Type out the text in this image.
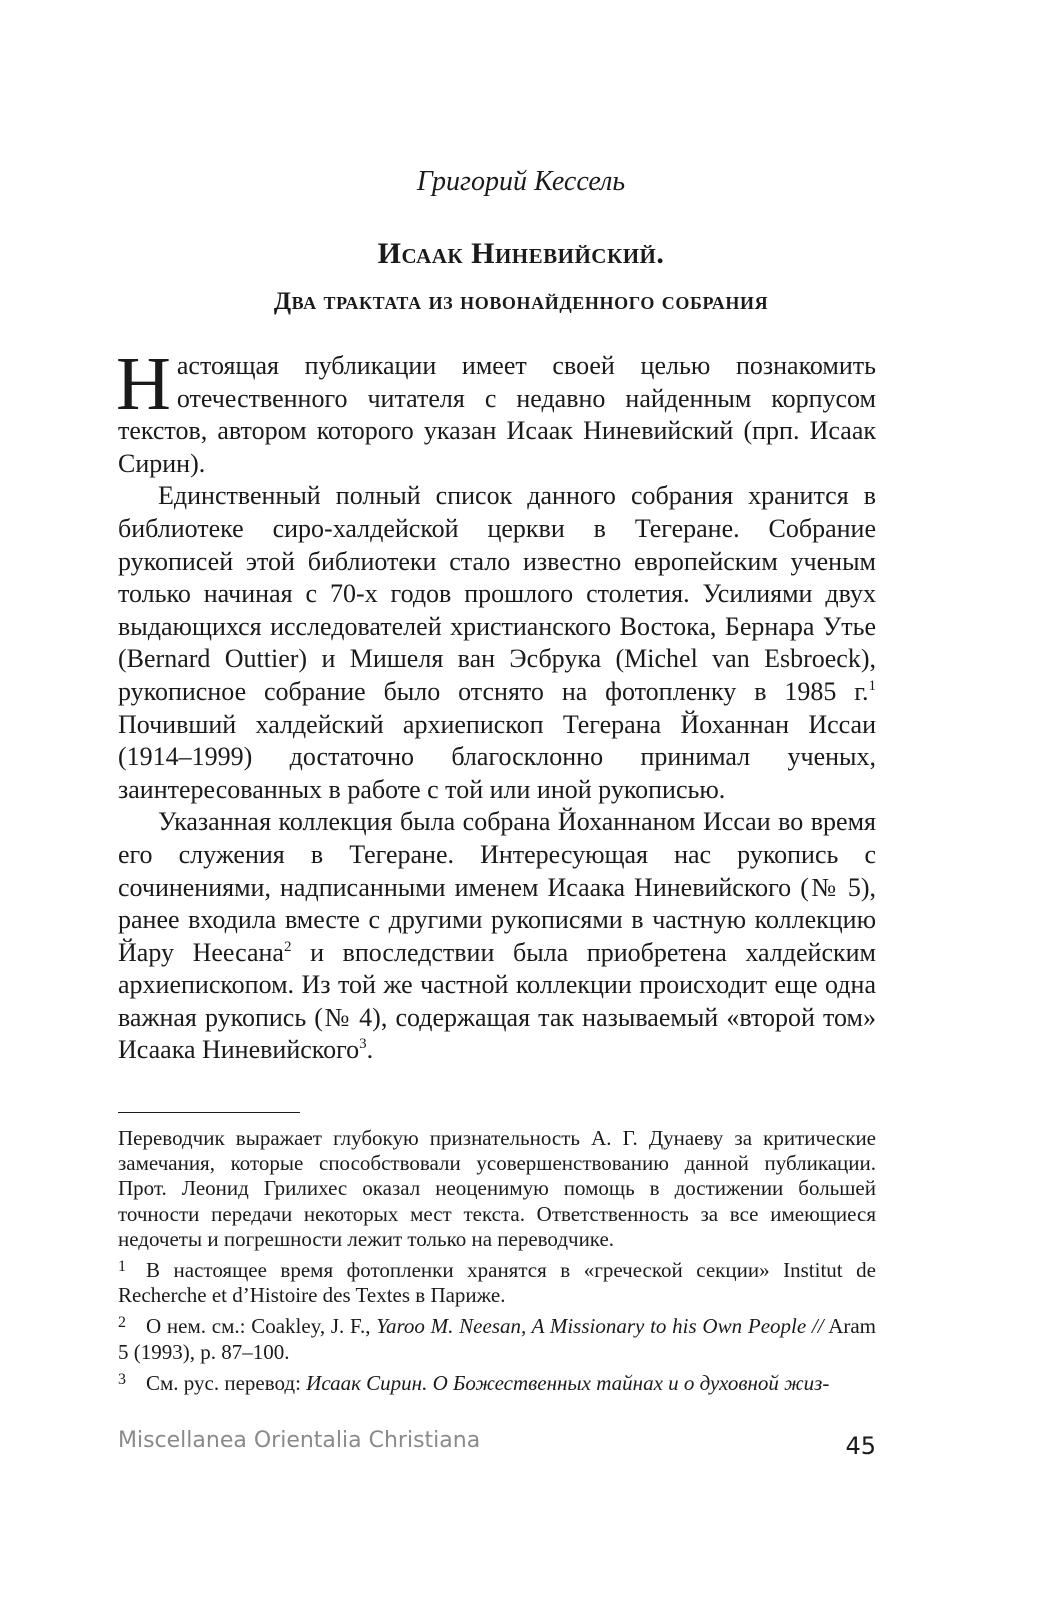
Григорий Кессель
Исаак Ниневийский.
Два трактата из новонайденного собрания

Настоящая публикации имеет своей целью познакомить отечественного читателя с недавно найденным корпусом текстов, автором которого указан Исаак Ниневийский (прп. Исаак Сирин).

Единственный полный список данного собрания хранится в библиотеке сиро-халдейской церкви в Тегеране. Собрание рукописей этой библиотеки стало известно европейским ученым только начиная с 70-х годов прошлого столетия. Усилиями двух выдающихся исследователей христианского Востока, Бернара Утье (Bernard Outtier) и Мишеля ван Эсбрука (Michel van Esbroeck), рукописное собрание было отснято на фотопленку в 1985 г.$^1$ Почивший халдейский архиепископ Тегерана Йоханнан Иссаи (1914–1999) достаточно благосклонно принимал ученых, заинтересованных в работе с той или иной рукописью.

Указанная коллекция была собрана Йоханнаном Иссаи во время его служения в Тегеране. Интересующая нас рукопись с сочинениями, надписанными именем Исаака Ниневийского (№ 5), ранее входила вместе с другими рукописями в частную коллекцию Йару Неесана$^2$ и впоследствии была приобретена халдейским архиепископом. Из той же частной коллекции происходит еще одна важная рукопись (№ 4), содержащая так называемый «второй том» Исаака Ниневийского$^3$.

Переводчик выражает глубокую признательность А. Г. Дунаеву за критические замечания, которые способствовали усовершенствованию данной публикации. Прот. Леонид Грилихес оказал неоценимую помощь в достижении большей точности передачи некоторых мест текста. Ответственность за все имеющиеся недочеты и погрешности лежит только на переводчике.

1 В настоящее время фотопленки хранятся в «греческой секции» Institut de Recherche et d’Histoire des Textes в Париже.

2 О нем. см.: Coakley, J. F., Yaroo M. Neesan, A Missionary to his Own People // Aram 5 (1993), p. 87–100.

3 См. рус. перевод: Исаак Сирин. О Божественных тайнах и о духовной жиз-

Miscellanea Orientalia Christiana	45
